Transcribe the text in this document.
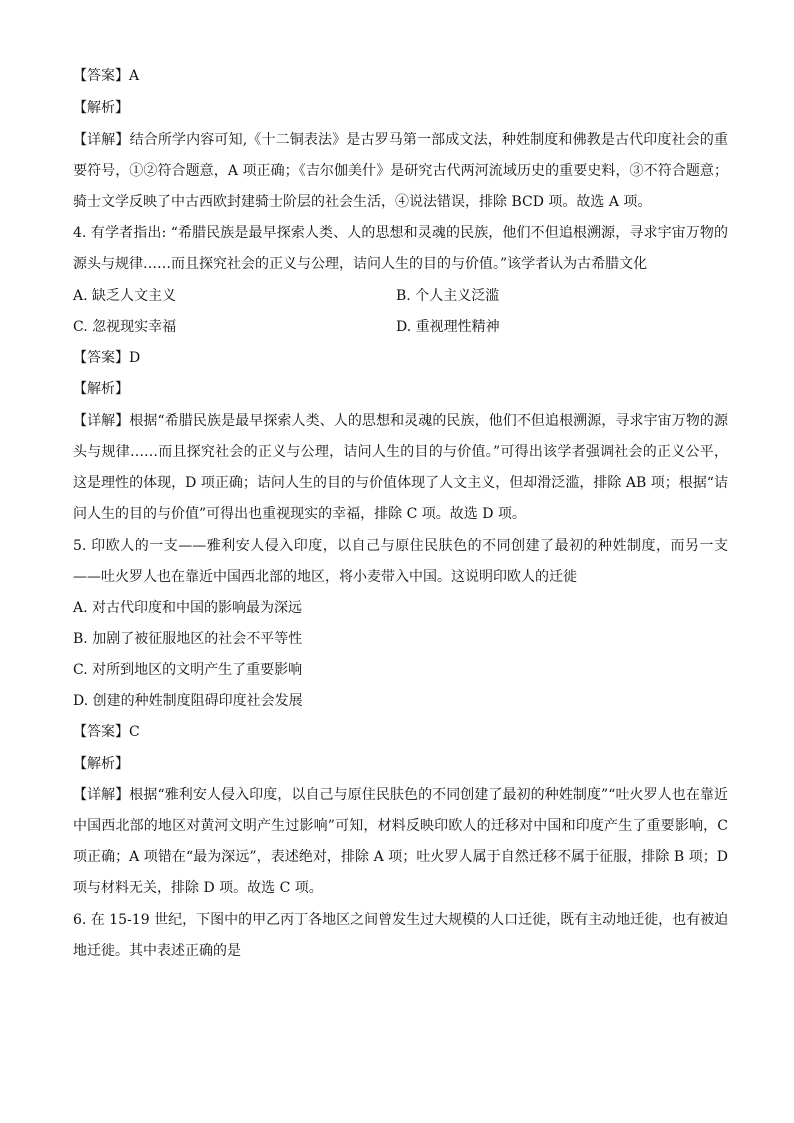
【答案】A
【解析】
【详解】结合所学内容可知,《十二铜表法》是古罗马第一部成文法，种姓制度和佛教是古代印度社会的重
要符号，①②符合题意，A 项正确；《吉尔伽美什》是研究古代两河流域历史的重要史料，③不符合题意；
骑士文学反映了中古西欧封建骑士阶层的社会生活，④说法错误，排除 BCD 项。故选 A 项。
4. 有学者指出: “希腊民族是最早探索人类、人的思想和灵魂的民族，他们不但追根溯源，寻求宇宙万物的
源头与规律……而且探究社会的正义与公理，诘问人生的目的与价值。”该学者认为古希腊文化
A. 缺乏人文主义	B. 个人主义泛滥
C. 忽视现实幸福	D. 重视理性精神
【答案】D
【解析】
【详解】根据“希腊民族是最早探索人类、人的思想和灵魂的民族，他们不但追根溯源，寻求宇宙万物的源
头与规律……而且探究社会的正义与公理，诘问人生的目的与价值。”可得出该学者强调社会的正义公平，
这是理性的体现，D 项正确；诘问人生的目的与价值体现了人文主义，但却滑泛滥，排除 AB 项；根据“诘
问人生的目的与价值”可得出也重视现实的幸福，排除 C 项。故选 D 项。
5. 印欧人的一支——雅利安人侵入印度，以自己与原住民肤色的不同创建了最初的种姓制度，而另一支
——吐火罗人也在靠近中国西北部的地区，将小麦带入中国。这说明印欧人的迁徙
A. 对古代印度和中国的影响最为深远
B. 加剧了被征服地区的社会不平等性
C. 对所到地区的文明产生了重要影响
D. 创建的种姓制度阻碍印度社会发展
【答案】C
【解析】
【详解】根据“雅利安人侵入印度，以自己与原住民肤色的不同创建了最初的种姓制度”“吐火罗人也在靠近
中国西北部的地区对黄河文明产生过影响”可知，材料反映印欧人的迁移对中国和印度产生了重要影响，C
项正确；A 项错在“最为深远”，表述绝对，排除 A 项；吐火罗人属于自然迁移不属于征服，排除 B 项；D
项与材料无关，排除 D 项。故选 C 项。
6. 在 15-19 世纪，下图中的甲乙丙丁各地区之间曾发生过大规模的人口迁徙，既有主动地迁徙，也有被迫
地迁徙。其中表述正确的是
